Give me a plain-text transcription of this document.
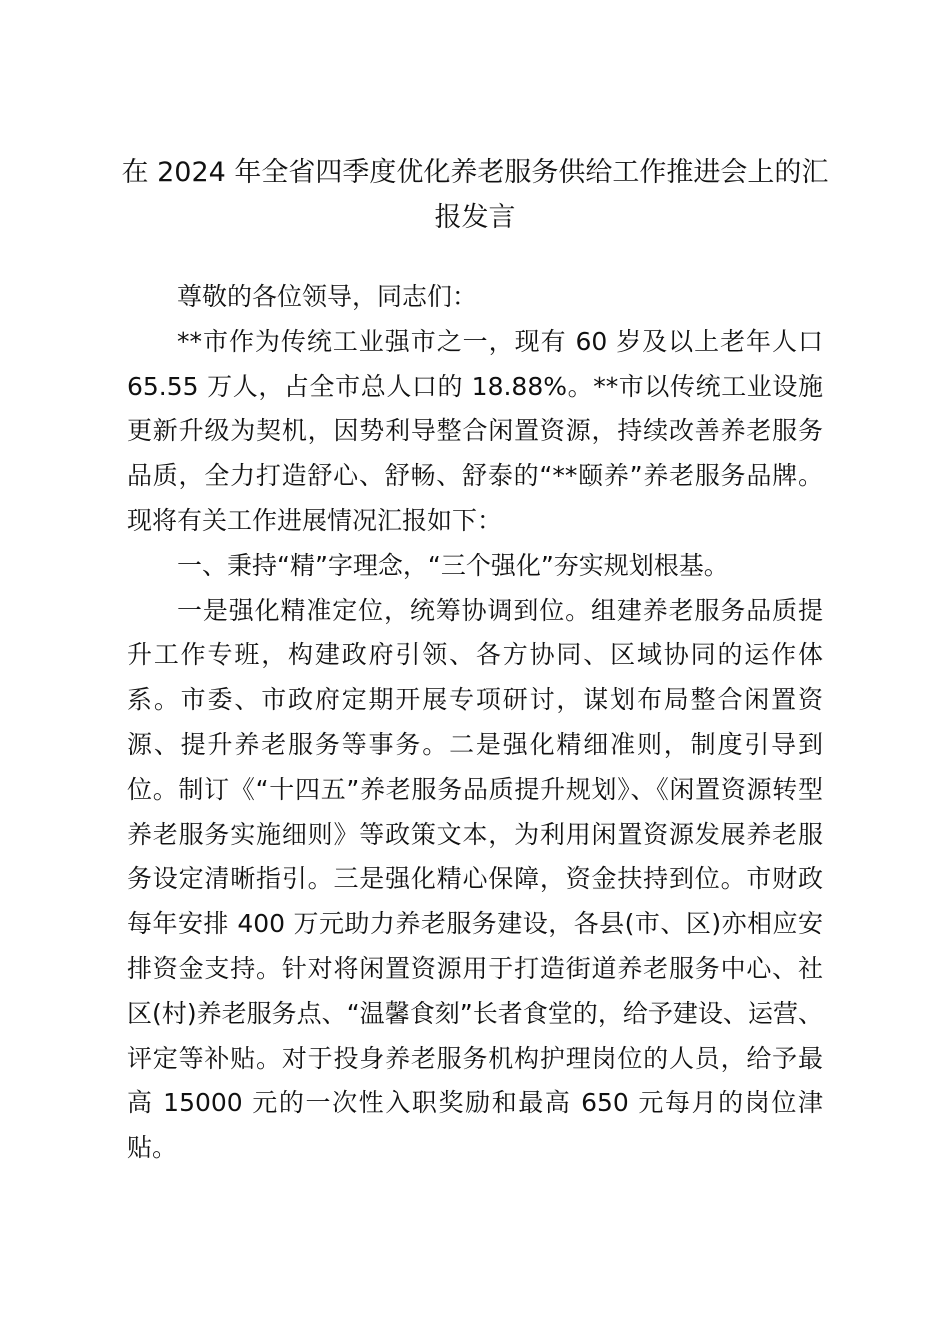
在 2024 年全省四季度优化养老服务供给工作推进会上的汇报发言

尊敬的各位领导，同志们：

**市作为传统工业强市之一，现有 60 岁及以上老年人口 65.55 万人，占全市总人口的 18.88%。**市以传统工业设施更新升级为契机，因势利导整合闲置资源，持续改善养老服务品质，全力打造舒心、舒畅、舒泰的“**颐养”养老服务品牌。现将有关工作进展情况汇报如下：

一、秉持“精”字理念，“三个强化”夯实规划根基。

一是强化精准定位，统筹协调到位。组建养老服务品质提升工作专班，构建政府引领、各方协同、区域协同的运作体系。市委、市政府定期开展专项研讨，谋划布局整合闲置资源、提升养老服务等事务。二是强化精细准则，制度引导到位。制订《“十四五”养老服务品质提升规划》、《闲置资源转型养老服务实施细则》等政策文本，为利用闲置资源发展养老服务设定清晰指引。三是强化精心保障，资金扶持到位。市财政每年安排 400 万元助力养老服务建设，各县(市、区)亦相应安排资金支持。针对将闲置资源用于打造街道养老服务中心、社区(村)养老服务点、“温馨食刻”长者食堂的，给予建设、运营、评定等补贴。对于投身养老服务机构护理岗位的人员，给予最高 15000 元的一次性入职奖励和最高 650 元每月的岗位津贴。
